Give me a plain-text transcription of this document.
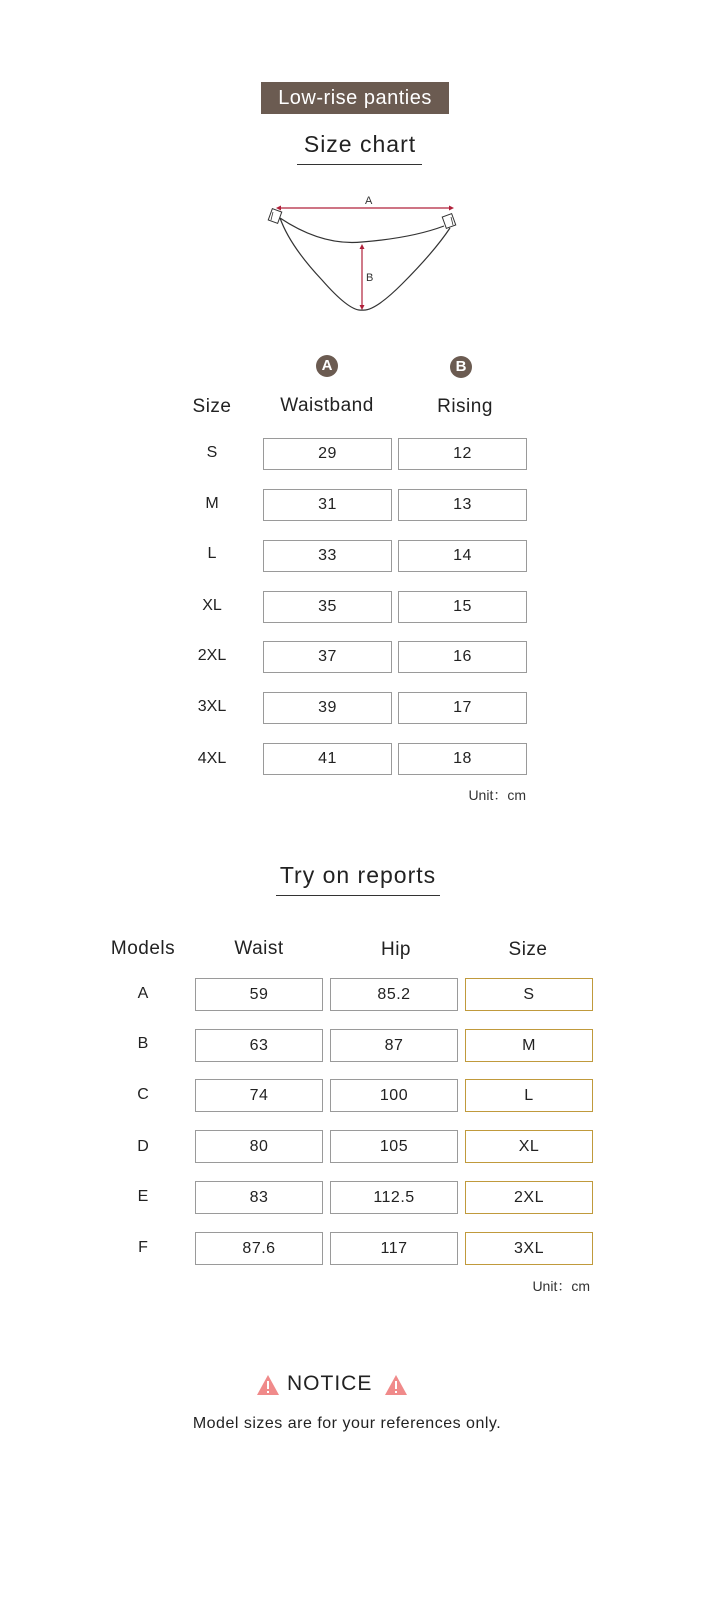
Low-rise panties
Size chart
A
B
A	B
Size	Waistband	Rising
S	29	12
M	31	13
L	33	14
XL	35	15
2XL	37	16
3XL	39	17
4XL	41	18
Unit：cm
Try on reports
Models	Waist	Hip	Size
A	59	85.2	S
B	63	87	M
C	74	100	L
D	80	105	XL
E	83	112.5	2XL
F	87.6	117	3XL
Unit：cm
NOTICE
Model sizes are for your references only.
